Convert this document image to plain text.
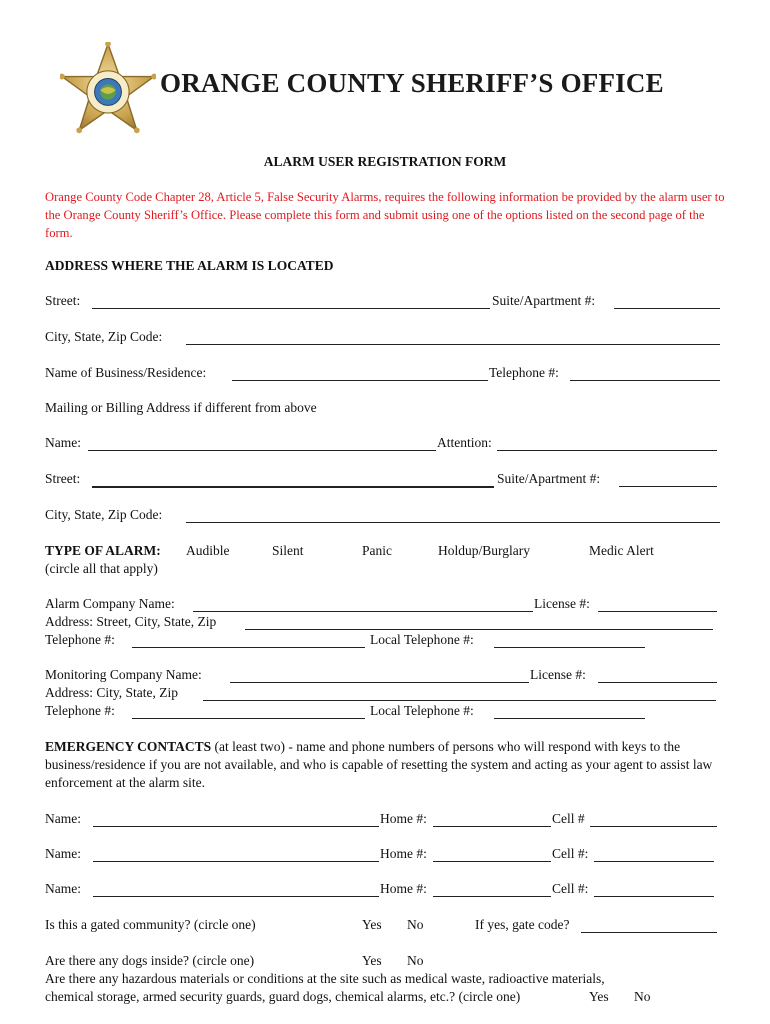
ORANGE COUNTY SHERIFF’S OFFICE
ALARM USER REGISTRATION FORM
Orange County Code Chapter 28, Article 5, False Security Alarms, requires the following information be provided by the alarm user to the Orange County Sheriff’s Office. Please complete this form and submit using one of the options listed on the second page of the form.
ADDRESS WHERE THE ALARM IS LOCATED
Street:	Suite/Apartment #:
City, State, Zip Code:
Name of Business/Residence:	Telephone #:
Mailing or Billing Address if different from above
Name:	Attention:
Street:	Suite/Apartment #:
City, State, Zip Code:
TYPE OF ALARM: Audible	Silent	Panic	Holdup/Burglary	Medic Alert
(circle all that apply)
Alarm Company Name:	License #:
Address: Street, City, State, Zip
Telephone #:	Local Telephone #:
Monitoring Company Name:	License #:
Address: City, State, Zip
Telephone #:	Local Telephone #:
EMERGENCY CONTACTS (at least two) - name and phone numbers of persons who will respond with keys to the business/residence if you are not available, and who is capable of resetting the system and acting as your agent to assist law enforcement at the alarm site.
Name:	Home #:	Cell #
Name:	Home #:	Cell #:
Name:	Home #:	Cell #:
Is this a gated community? (circle one)	Yes No	If yes, gate code?
Are there any dogs inside? (circle one)	Yes No
Are there any hazardous materials or conditions at the site such as medical waste, radioactive materials,
chemical storage, armed security guards, guard dogs, chemical alarms, etc.? (circle one)	Yes No
